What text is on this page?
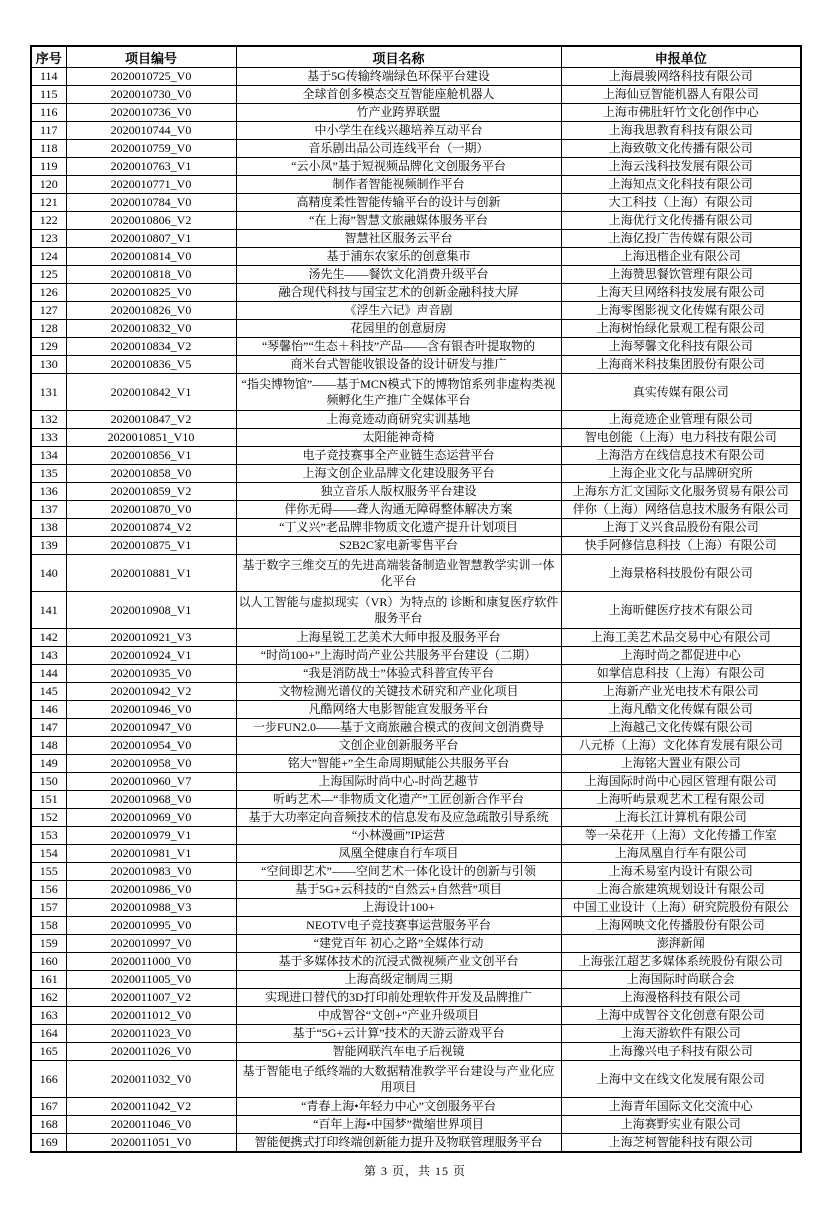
序号	项目编号	项目名称	申报单位
114	2020010725_V0	基于5G传输终端绿色环保平台建设	上海晨骏网络科技有限公司
115	2020010730_V0	全球首创多模态交互智能座舱机器人	上海仙豆智能机器人有限公司
116	2020010736_V0	竹产业跨界联盟	上海市佛肚轩竹文化创作中心
117	2020010744_V0	中小学生在线兴趣培养互动平台	上海我思教育科技有限公司
118	2020010759_V0	音乐剧出品公司连线平台（一期）	上海致敬文化传播有限公司
119	2020010763_V1	“云小凤”基于短视频品牌化文创服务平台	上海云浅科技发展有限公司
120	2020010771_V0	制作者智能视频制作平台	上海知点文化科技有限公司
121	2020010784_V0	高精度柔性智能传输平台的设计与创新	大工科技（上海）有限公司
122	2020010806_V2	“在上海”智慧文旅融媒体服务平台	上海优行文化传播有限公司
123	2020010807_V1	智慧社区服务云平台	上海亿投广告传媒有限公司
124	2020010814_V0	基于浦东农家乐的创意集市	上海迅楷企业有限公司
125	2020010818_V0	汤先生——餐饮文化消费升级平台	上海赞思餐饮管理有限公司
126	2020010825_V0	融合现代科技与国宝艺术的创新金融科技大屏	上海天旦网络科技发展有限公司
127	2020010826_V0	《浮生六记》声音剧	上海零图影视文化传媒有限公司
128	2020010832_V0	花园里的创意厨房	上海树怡绿化景观工程有限公司
129	2020010834_V2	“琴馨怡”“生态＋科技”产品——含有银杏叶提取物的	上海琴馨文化科技有限公司
130	2020010836_V5	商米台式智能收银设备的设计研发与推广	上海商米科技集团股份有限公司
131	2020010842_V1	“指尖博物馆”——基于MCN模式下的博物馆系列非虚构类视频孵化生产推广全媒体平台	真实传媒有限公司
132	2020010847_V2	上海竞迹动商研究实训基地	上海竞迹企业管理有限公司
133	2020010851_V10	太阳能神奇椅	智电创能（上海）电力科技有限公司
134	2020010856_V1	电子竞技赛事全产业链生态运营平台	上海浩方在线信息技术有限公司
135	2020010858_V0	上海文创企业品牌文化建设服务平台	上海企业文化与品牌研究所
136	2020010859_V2	独立音乐人版权服务平台建设	上海东方汇文国际文化服务贸易有限公司
137	2020010870_V0	伴你无碍——聋人沟通无障碍整体解决方案	伴你（上海）网络信息技术服务有限公司
138	2020010874_V2	“丁义兴”老品牌非物质文化遗产提升计划项目	上海丁义兴食品股份有限公司
139	2020010875_V1	S2B2C家电新零售平台	快手阿修信息科技（上海）有限公司
140	2020010881_V1	基于数字三维交互的先进高端装备制造业智慧教学实训一体化平台	上海景格科技股份有限公司
141	2020010908_V1	以人工智能与虚拟现实（VR）为特点的 诊断和康复医疗软件服务平台	上海昕健医疗技术有限公司
142	2020010921_V3	上海星锐工艺美术大师申报及服务平台	上海工美艺术品交易中心有限公司
143	2020010924_V1	“时尚100+”上海时尚产业公共服务平台建设（二期）	上海时尚之都促进中心
144	2020010935_V0	“我是消防战士”体验式科普宣传平台	如掌信息科技（上海）有限公司
145	2020010942_V2	文物检测光谱仪的关键技术研究和产业化项目	上海新产业光电技术有限公司
146	2020010946_V0	凡酷网络大电影智能宣发服务平台	上海凡酷文化传媒有限公司
147	2020010947_V0	一步FUN2.0——基于文商旅融合模式的夜间文创消费导	上海越己文化传媒有限公司
148	2020010954_V0	文创企业创新服务平台	八元桥（上海）文化体育发展有限公司
149	2020010958_V0	铭大”智能+”全生命周期赋能公共服务平台	上海铭大置业有限公司
150	2020010960_V7	上海国际时尚中心-时尚艺趣节	上海国际时尚中心园区管理有限公司
151	2020010968_V0	听屿艺术—“非物质文化遗产”工匠创新合作平台	上海听屿景观艺术工程有限公司
152	2020010969_V0	基于大功率定向音频技术的信息发布及应急疏散引导系统	上海长江计算机有限公司
153	2020010979_V1	“小林漫画”IP运营	等一朵花开（上海）文化传播工作室
154	2020010981_V1	凤凰全健康自行车项目	上海凤凰自行车有限公司
155	2020010983_V0	“空间即艺术”——空间艺术一体化设计的创新与引领	上海禾易室内设计有限公司
156	2020010986_V0	基于5G+云科技的“自然云+自然营”项目	上海合旅建筑规划设计有限公司
157	2020010988_V3	上海设计100+	中国工业设计（上海）研究院股份有限公
158	2020010995_V0	NEOTV电子竞技赛事运营服务平台	上海网映文化传播股份有限公司
159	2020010997_V0	“建党百年 初心之路”全媒体行动	澎湃新闻
160	2020011000_V0	基于多媒体技术的沉浸式微视频产业文创平台	上海张江超艺多媒体系统股份有限公司
161	2020011005_V0	上海高级定制周三期	上海国际时尚联合会
162	2020011007_V2	实现进口替代的3D打印前处理软件开发及品牌推广	上海漫格科技有限公司
163	2020011012_V0	中成智谷“文创+”产业升级项目	上海中成智谷文化创意有限公司
164	2020011023_V0	基于“5G+云计算”技术的天游云游戏平台	上海天游软件有限公司
165	2020011026_V0	智能网联汽车电子后视镜	上海豫兴电子科技有限公司
166	2020011032_V0	基于智能电子纸终端的大数据精准教学平台建设与产业化应用项目	上海中文在线文化发展有限公司
167	2020011042_V2	“青春上海•年轻力中心”文创服务平台	上海青年国际文化交流中心
168	2020011046_V0	“百年上海•中国梦”微缩世界项目	上海赛野实业有限公司
169	2020011051_V0	智能便携式打印终端创新能力提升及物联管理服务平台	上海芝柯智能科技有限公司
第 3 页，共 15 页
